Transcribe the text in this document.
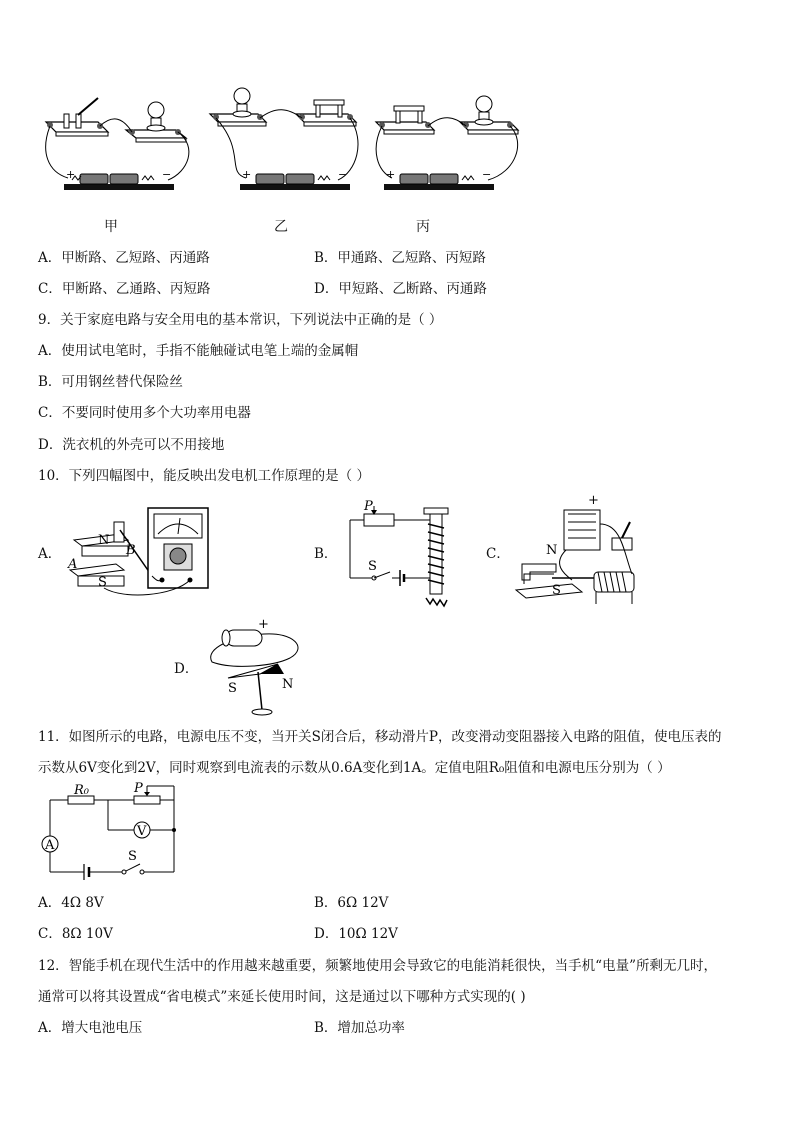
+	−	+	−	+	−
甲	乙	丙
A．甲断路、乙短路、丙通路	B．甲通路、乙短路、丙短路
C．甲断路、乙通路、丙短路	D．甲短路、乙断路、丙通路
9．关于家庭电路与安全用电的基本常识，下列说法中正确的是（ ）
A．使用试电笔时，手指不能触碰试电笔上端的金属帽
B．可用钢丝替代保险丝
C．不要同时使用多个大功率用电器
D．洗衣机的外壳可以不用接地
10．下列四幅图中，能反映出发电机工作原理的是（ ）
A．
N
B
A
S
B．
P
S
C．
+
N
S
D．
+
S	N
11．如图所示的电路，电源电压不变，当开关S闭合后，移动滑片P，改变滑动变阻器接入电路的阻值，使电压表的
示数从6V变化到2V，同时观察到电流表的示数从0.6A变化到1A。定值电阻R₀阻值和电源电压分别为（ ）
R₀	P
V
A
S
A．4Ω 8V	B．6Ω 12V
C．8Ω 10V	D．10Ω 12V
12．智能手机在现代生活中的作用越来越重要，频繁地使用会导致它的电能消耗很快，当手机“电量”所剩无几时，
通常可以将其设置成“省电模式”来延长使用时间，这是通过以下哪种方式实现的( )
A．增大电池电压	B．增加总功率
